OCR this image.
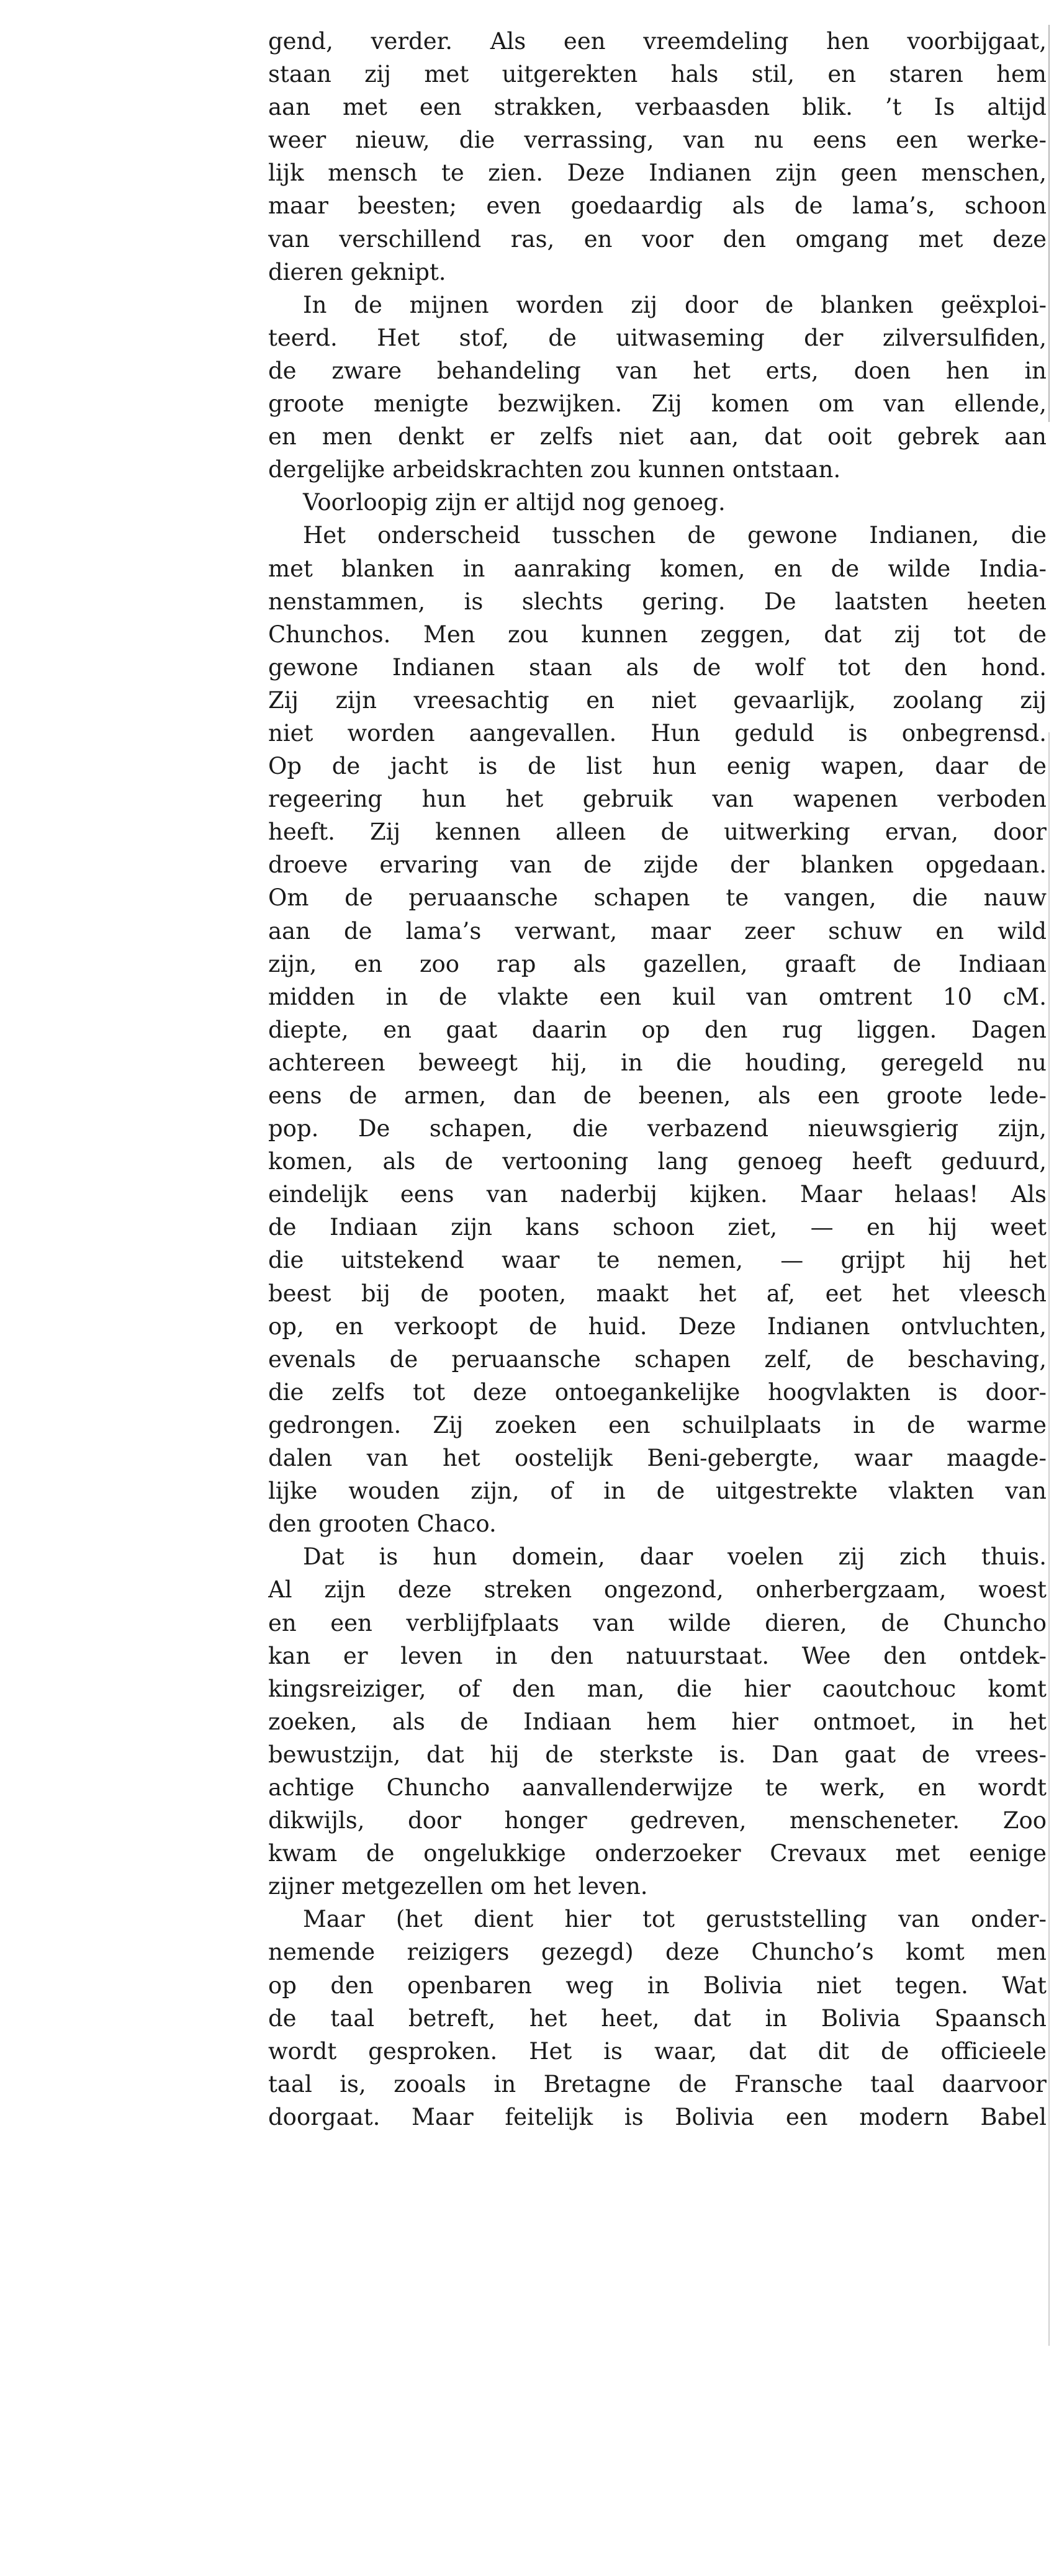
gend, verder. Als een vreemdeling hen voorbijgaat,
staan zij met uitgerekten hals stil, en staren hem
aan met een strakken, verbaasden blik. ’t Is altijd
weer nieuw, die verrassing, van nu eens een werke-
lijk mensch te zien. Deze Indianen zijn geen menschen,
maar beesten; even goedaardig als de lama’s, schoon
van verschillend ras, en voor den omgang met deze
dieren geknipt.
In de mijnen worden zij door de blanken geëxploi-
teerd. Het stof, de uitwaseming der zilversulfiden,
de zware behandeling van het erts, doen hen in
groote menigte bezwijken. Zij komen om van ellende,
en men denkt er zelfs niet aan, dat ooit gebrek aan
dergelijke arbeidskrachten zou kunnen ontstaan.
Voorloopig zijn er altijd nog genoeg.
Het onderscheid tusschen de gewone Indianen, die
met blanken in aanraking komen, en de wilde India-
nenstammen, is slechts gering. De laatsten heeten
Chunchos. Men zou kunnen zeggen, dat zij tot de
gewone Indianen staan als de wolf tot den hond.
Zij zijn vreesachtig en niet gevaarlijk, zoolang zij
niet worden aangevallen. Hun geduld is onbegrensd.
Op de jacht is de list hun eenig wapen, daar de
regeering hun het gebruik van wapenen verboden
heeft. Zij kennen alleen de uitwerking ervan, door
droeve ervaring van de zijde der blanken opgedaan.
Om de peruaansche schapen te vangen, die nauw
aan de lama’s verwant, maar zeer schuw en wild
zijn, en zoo rap als gazellen, graaft de Indiaan
midden in de vlakte een kuil van omtrent 10 cM.
diepte, en gaat daarin op den rug liggen. Dagen
achtereen beweegt hij, in die houding, geregeld nu
eens de armen, dan de beenen, als een groote lede-
pop. De schapen, die verbazend nieuwsgierig zijn,
komen, als de vertooning lang genoeg heeft geduurd,
eindelijk eens van naderbij kijken. Maar helaas! Als
de Indiaan zijn kans schoon ziet, — en hij weet
die uitstekend waar te nemen, — grijpt hij het
beest bij de pooten, maakt het af, eet het vleesch
op, en verkoopt de huid. Deze Indianen ontvluchten,
evenals de peruaansche schapen zelf, de beschaving,
die zelfs tot deze ontoegankelijke hoogvlakten is door-
gedrongen. Zij zoeken een schuilplaats in de warme
dalen van het oostelijk Beni-gebergte, waar maagde-
lijke wouden zijn, of in de uitgestrekte vlakten van
den grooten Chaco.
Dat is hun domein, daar voelen zij zich thuis.
Al zijn deze streken ongezond, onherbergzaam, woest
en een verblijfplaats van wilde dieren, de Chuncho
kan er leven in den natuurstaat. Wee den ontdek-
kingsreiziger, of den man, die hier caoutchouc komt
zoeken, als de Indiaan hem hier ontmoet, in het
bewustzijn, dat hij de sterkste is. Dan gaat de vrees-
achtige Chuncho aanvallenderwijze te werk, en wordt
dikwijls, door honger gedreven, menscheneter. Zoo
kwam de ongelukkige onderzoeker Crevaux met eenige
zijner metgezellen om het leven.
Maar (het dient hier tot geruststelling van onder-
nemende reizigers gezegd) deze Chuncho’s komt men
op den openbaren weg in Bolivia niet tegen. Wat
de taal betreft, het heet, dat in Bolivia Spaansch
wordt gesproken. Het is waar, dat dit de officieele
taal is, zooals in Bretagne de Fransche taal daarvoor
doorgaat. Maar feitelijk is Bolivia een modern Babel
